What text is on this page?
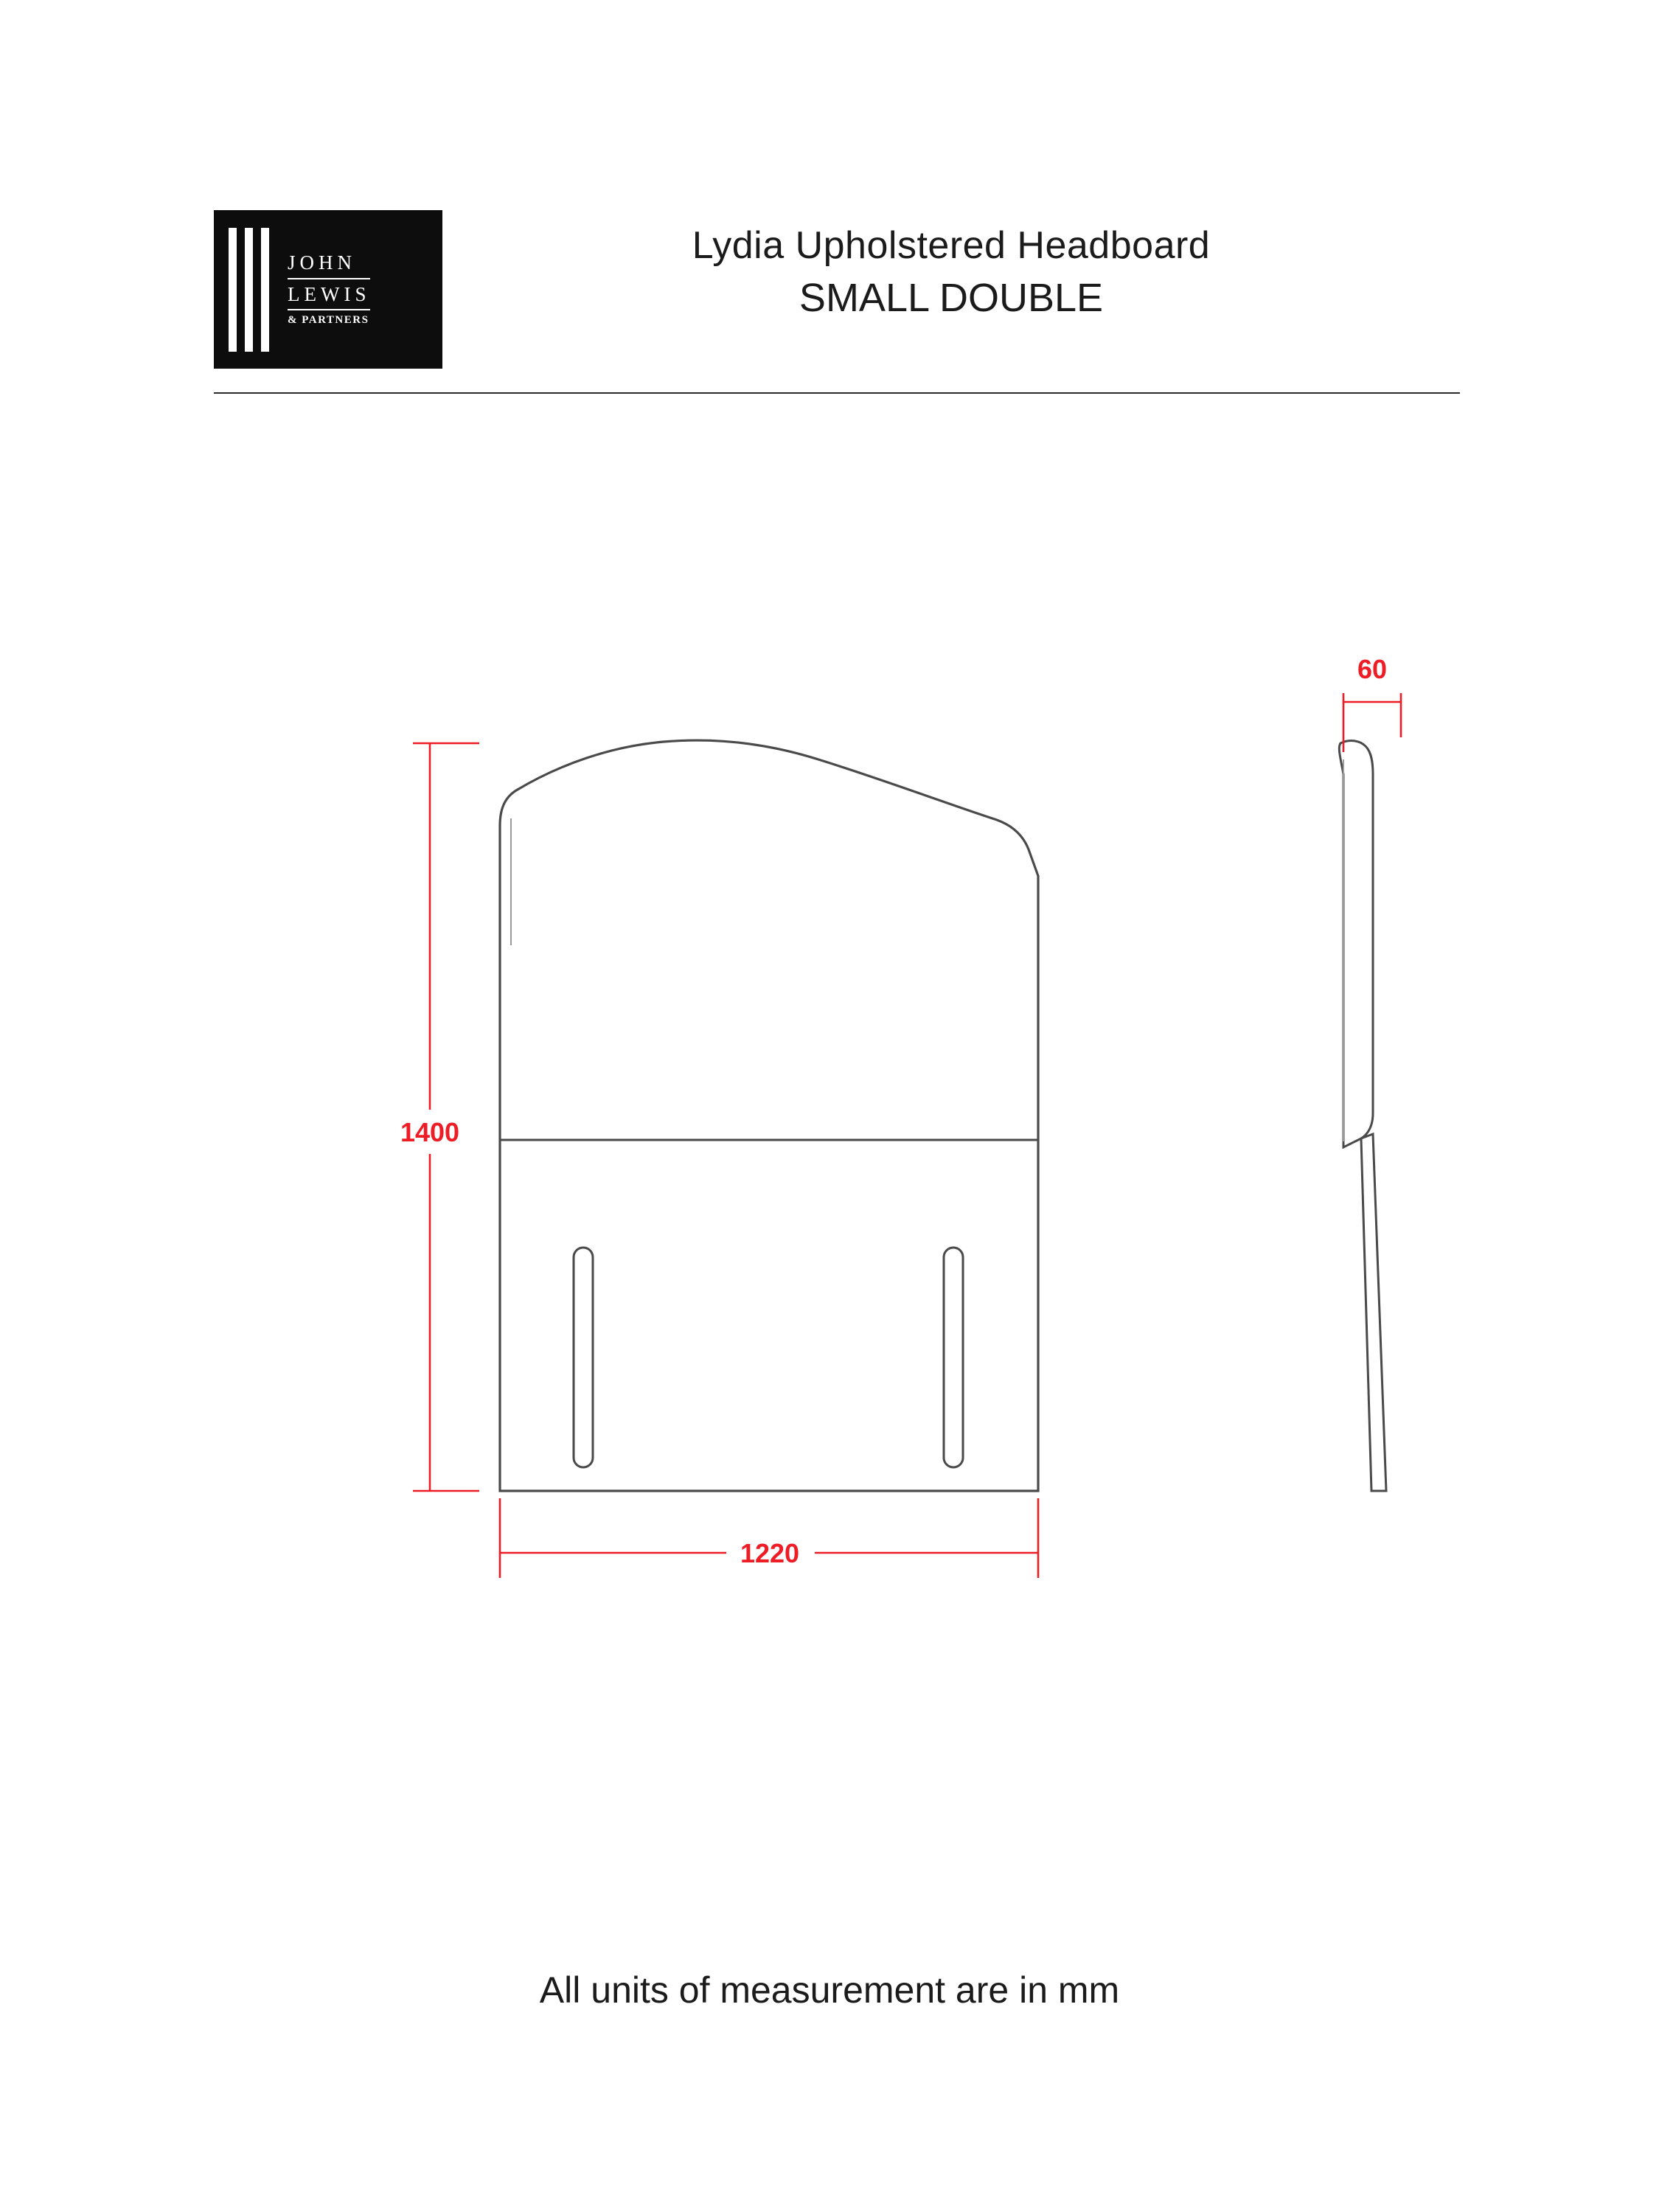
JOHN
LEWIS
& PARTNERS
Lydia Upholstered Headboard
SMALL DOUBLE
1400
1220
60
All units of measurement are in mm
